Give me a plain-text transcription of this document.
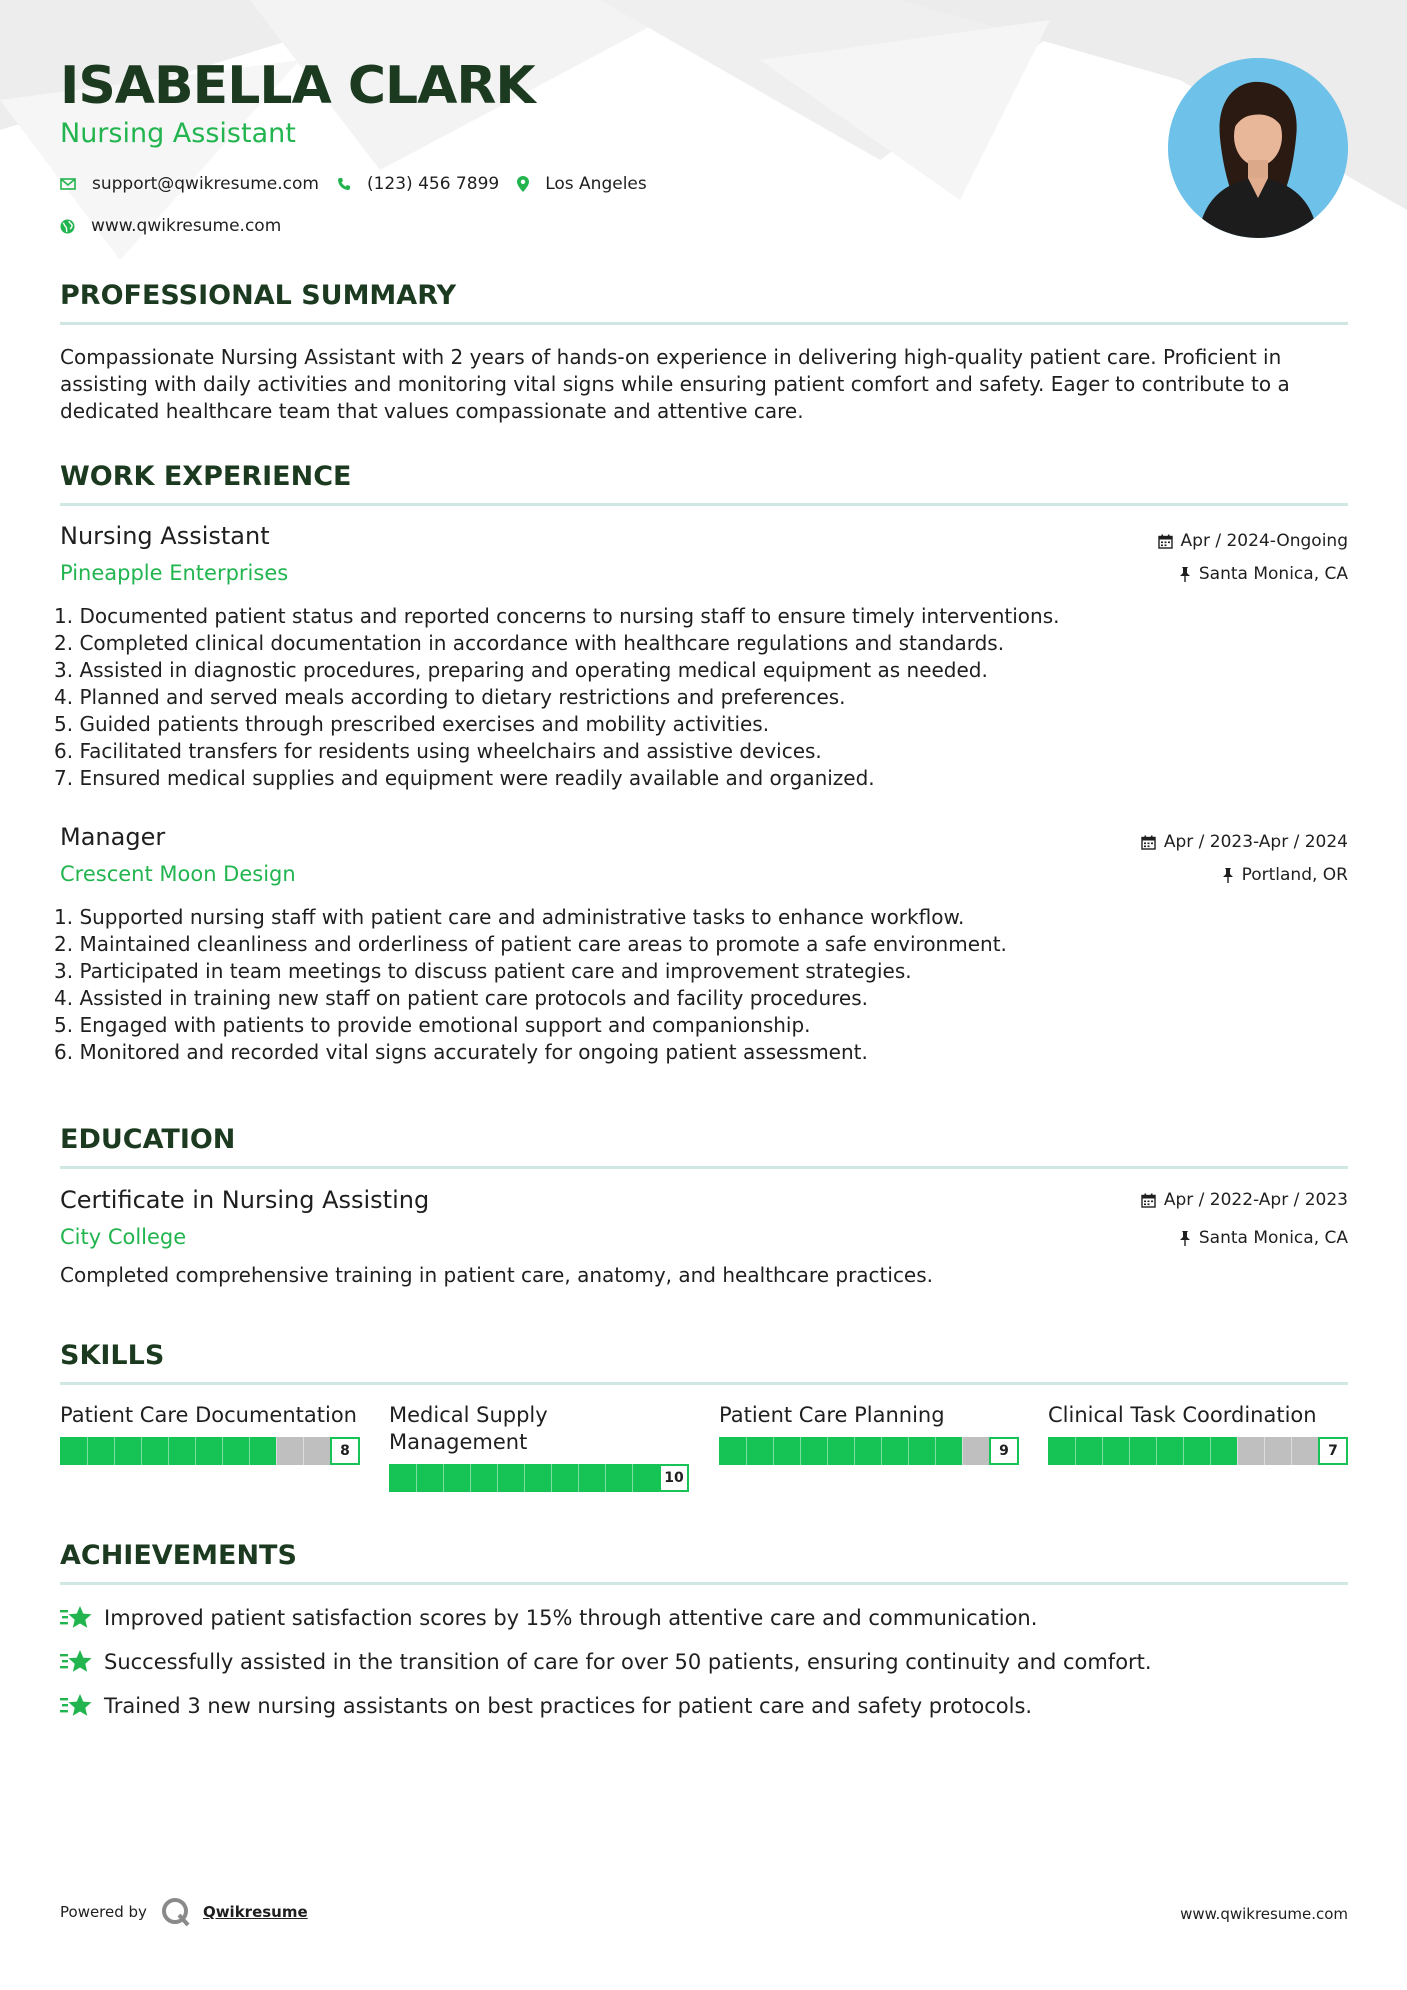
ISABELLA CLARK
Nursing Assistant
support@qwikresume.com	(123) 456 7899	Los Angeles
www.qwikresume.com
PROFESSIONAL SUMMARY

Compassionate Nursing Assistant with 2 years of hands-on experience in delivering high-quality patient care. Proficient in assisting with daily activities and monitoring vital signs while ensuring patient comfort and safety. Eager to contribute to a dedicated healthcare team that values compassionate and attentive care.

WORK EXPERIENCE
Nursing Assistant
Pineapple Enterprises
Apr / 2024-Ongoing
Santa Monica, CA
1. Documented patient status and reported concerns to nursing staff to ensure timely interventions.
2. Completed clinical documentation in accordance with healthcare regulations and standards.
3. Assisted in diagnostic procedures, preparing and operating medical equipment as needed.
4. Planned and served meals according to dietary restrictions and preferences.
5. Guided patients through prescribed exercises and mobility activities.
6. Facilitated transfers for residents using wheelchairs and assistive devices.
7. Ensured medical supplies and equipment were readily available and organized.
Manager
Crescent Moon Design
Apr / 2023-Apr / 2024
Portland, OR
1. Supported nursing staff with patient care and administrative tasks to enhance workflow.
2. Maintained cleanliness and orderliness of patient care areas to promote a safe environment.
3. Participated in team meetings to discuss patient care and improvement strategies.
4. Assisted in training new staff on patient care protocols and facility procedures.
5. Engaged with patients to provide emotional support and companionship.
6. Monitored and recorded vital signs accurately for ongoing patient assessment.
EDUCATION
Certificate in Nursing Assisting
City College
Apr / 2022-Apr / 2023
Santa Monica, CA

Completed comprehensive training in patient care, anatomy, and healthcare practices.

SKILLS
Patient Care Documentation
8
Medical Supply Management
10
Patient Care Planning
9
Clinical Task Coordination
7
ACHIEVEMENTS
Improved patient satisfaction scores by 15% through attentive care and communication.
Successfully assisted in the transition of care for over 50 patients, ensuring continuity and comfort.
Trained 3 new nursing assistants on best practices for patient care and safety protocols.
Powered by	Qwikresume	www.qwikresume.com
